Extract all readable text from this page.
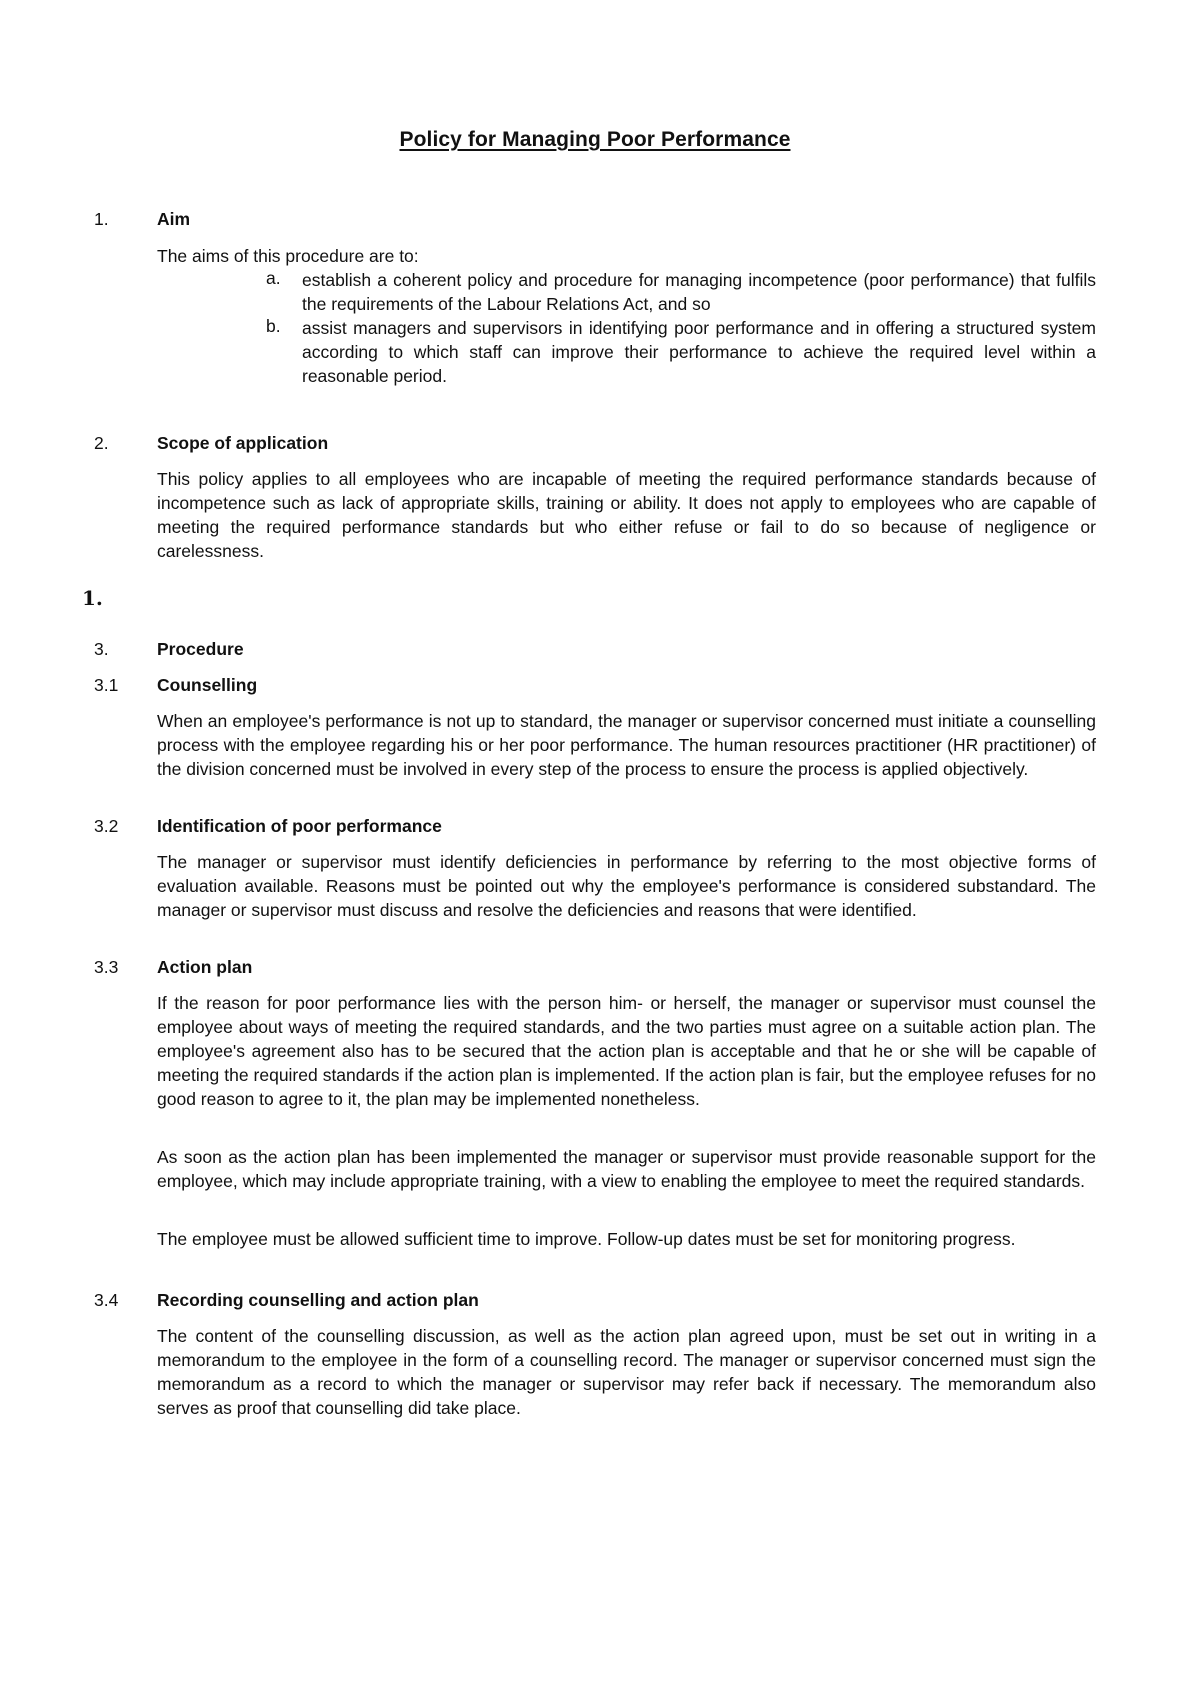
Policy for Managing Poor Performance
1.	Aim
The aims of this procedure are to:
a. establish a coherent policy and procedure for managing incompetence (poor performance) that fulfils the requirements of the Labour Relations Act, and so
b. assist managers and supervisors in identifying poor performance and in offering a structured system according to which staff can improve their performance to achieve the required level within a reasonable period.
2.	Scope of application
This policy applies to all employees who are incapable of meeting the required performance standards because of incompetence such as lack of appropriate skills, training or ability. It does not apply to employees who are capable of meeting the required performance standards but who either refuse or fail to do so because of negligence or carelessness.
1.
3.	Procedure
3.1 Counselling
When an employee's performance is not up to standard, the manager or supervisor concerned must initiate a counselling process with the employee regarding his or her poor performance. The human resources practitioner (HR practitioner) of the division concerned must be involved in every step of the process to ensure the process is applied objectively.
3.2 Identification of poor performance
The manager or supervisor must identify deficiencies in performance by referring to the most objective forms of evaluation available. Reasons must be pointed out why the employee's performance is considered substandard. The manager or supervisor must discuss and resolve the deficiencies and reasons that were identified.
3.3 Action plan
If the reason for poor performance lies with the person him- or herself, the manager or supervisor must counsel the employee about ways of meeting the required standards, and the two parties must agree on a suitable action plan. The employee's agreement also has to be secured that the action plan is acceptable and that he or she will be capable of meeting the required standards if the action plan is implemented. If the action plan is fair, but the employee refuses for no good reason to agree to it, the plan may be implemented nonetheless.
As soon as the action plan has been implemented the manager or supervisor must provide reasonable support for the employee, which may include appropriate training, with a view to enabling the employee to meet the required standards.
The employee must be allowed sufficient time to improve. Follow-up dates must be set for monitoring progress.
3.4 Recording counselling and action plan
The content of the counselling discussion, as well as the action plan agreed upon, must be set out in writing in a memorandum to the employee in the form of a counselling record. The manager or supervisor concerned must sign the memorandum as a record to which the manager or supervisor may refer back if necessary. The memorandum also serves as proof that counselling did take place.
